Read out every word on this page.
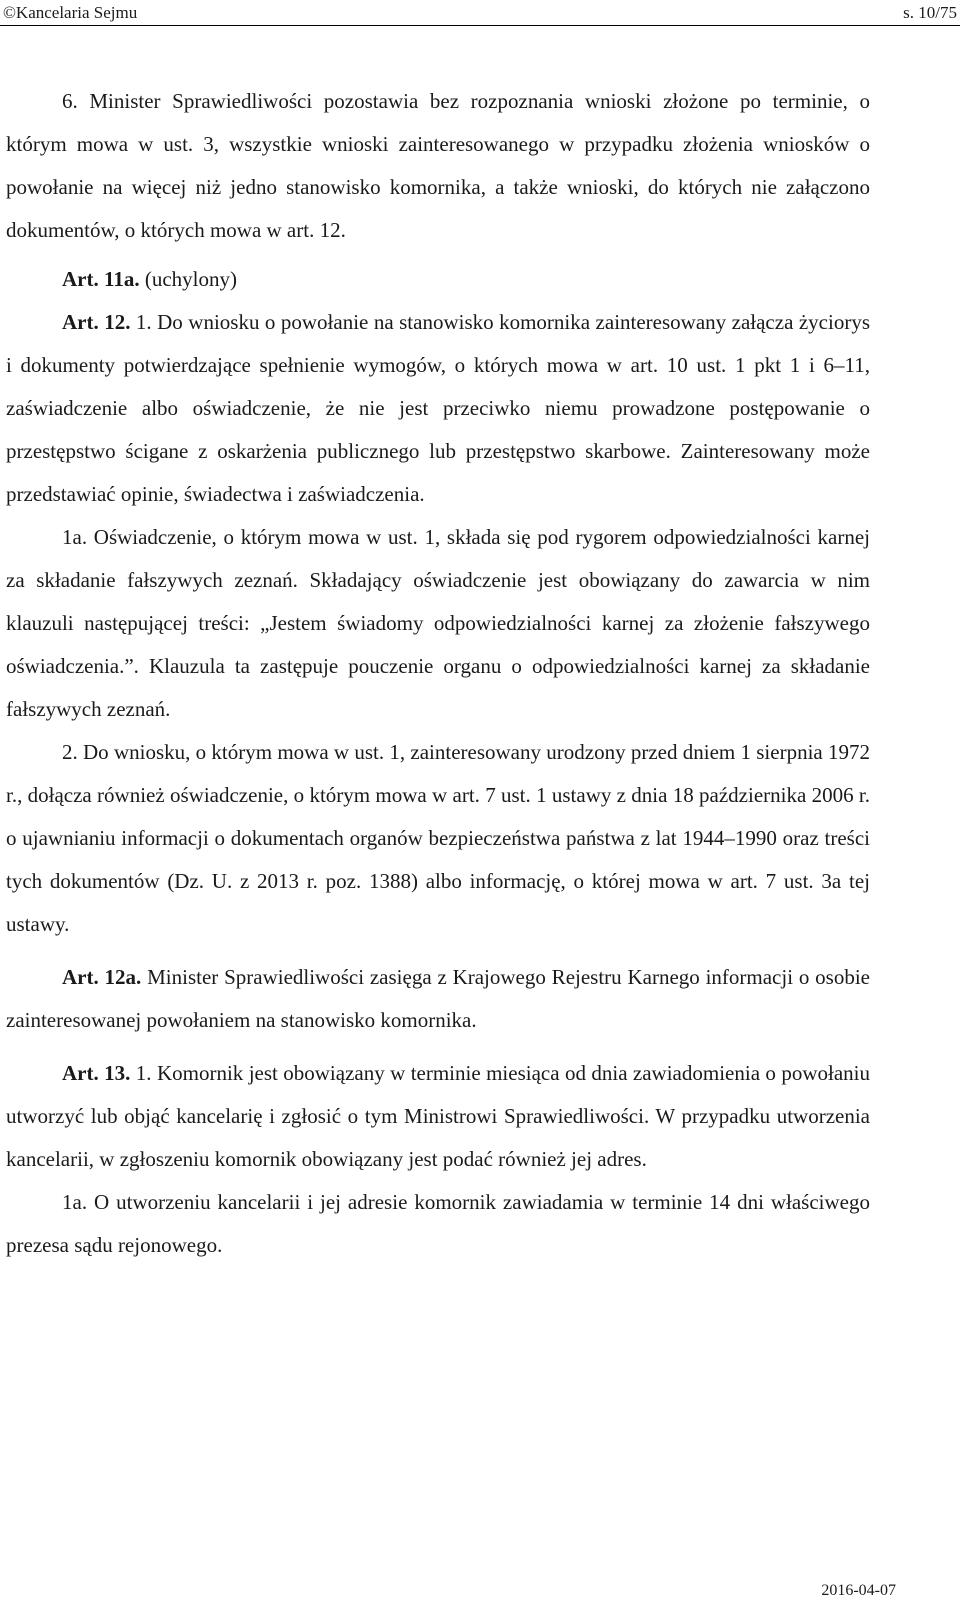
©Kancelaria Sejmu	s. 10/75

6. Minister Sprawiedliwości pozostawia bez rozpoznania wnioski złożone po terminie, o którym mowa w ust. 3, wszystkie wnioski zainteresowanego w przypadku złożenia wniosków o powołanie na więcej niż jedno stanowisko komornika, a także wnioski, do których nie załączono dokumentów, o których mowa w art. 12.

Art. 11a. (uchylony)

Art. 12. 1. Do wniosku o powołanie na stanowisko komornika zainteresowany załącza życiorys i dokumenty potwierdzające spełnienie wymogów, o których mowa w art. 10 ust. 1 pkt 1 i 6–11, zaświadczenie albo oświadczenie, że nie jest przeciwko niemu prowadzone postępowanie o przestępstwo ścigane z oskarżenia publicznego lub przestępstwo skarbowe. Zainteresowany może przedstawiać opinie, świadectwa i zaświadczenia.

1a. Oświadczenie, o którym mowa w ust. 1, składa się pod rygorem odpowiedzialności karnej za składanie fałszywych zeznań. Składający oświadczenie jest obowiązany do zawarcia w nim klauzuli następującej treści: „Jestem świadomy odpowiedzialności karnej za złożenie fałszywego oświadczenia.”. Klauzula ta zastępuje pouczenie organu o odpowiedzialności karnej za składanie fałszywych zeznań.

2. Do wniosku, o którym mowa w ust. 1, zainteresowany urodzony przed dniem 1 sierpnia 1972 r., dołącza również oświadczenie, o którym mowa w art. 7 ust. 1 ustawy z dnia 18 października 2006 r. o ujawnianiu informacji o dokumentach organów bezpieczeństwa państwa z lat 1944–1990 oraz treści tych dokumentów (Dz. U. z 2013 r. poz. 1388) albo informację, o której mowa w art. 7 ust. 3a tej ustawy.

Art. 12a. Minister Sprawiedliwości zasięga z Krajowego Rejestru Karnego informacji o osobie zainteresowanej powołaniem na stanowisko komornika.

Art. 13. 1. Komornik jest obowiązany w terminie miesiąca od dnia zawiadomienia o powołaniu utworzyć lub objąć kancelarię i zgłosić o tym Ministrowi Sprawiedliwości. W przypadku utworzenia kancelarii, w zgłoszeniu komornik obowiązany jest podać również jej adres.

1a. O utworzeniu kancelarii i jej adresie komornik zawiadamia w terminie 14 dni właściwego prezesa sądu rejonowego.

2016-04-07
